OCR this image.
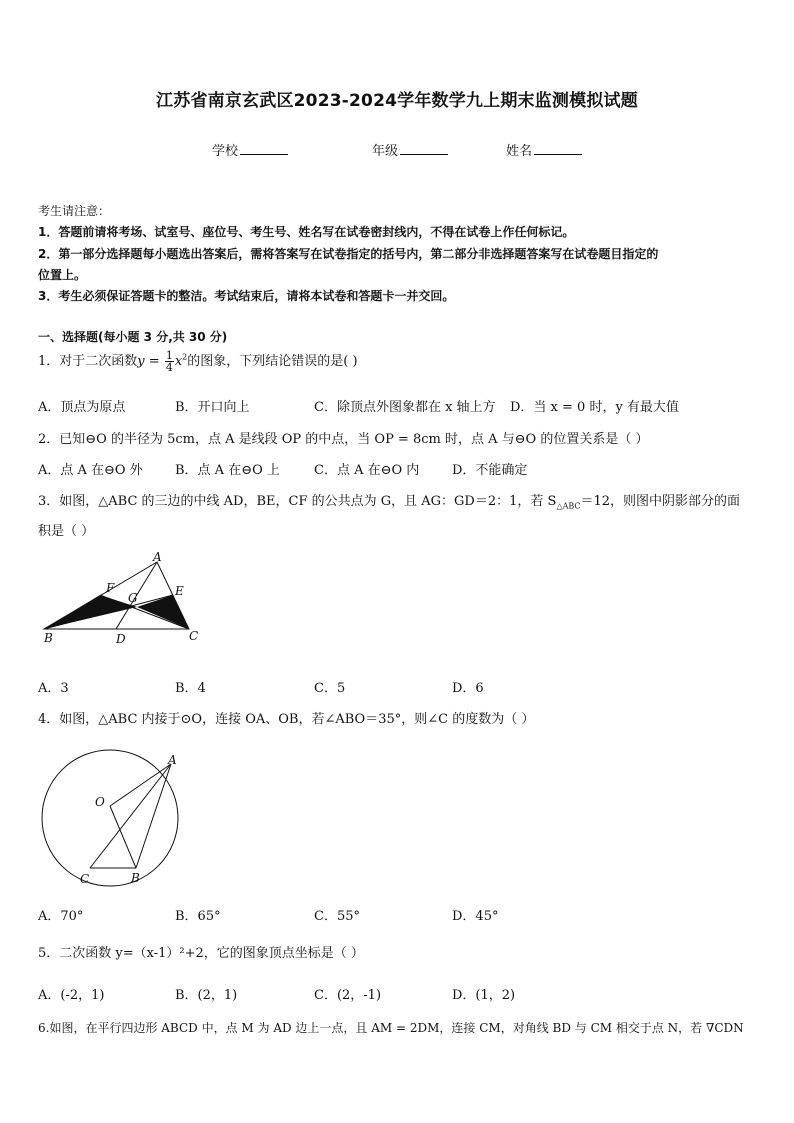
江苏省南京玄武区2023-2024学年数学九上期末监测模拟试题
学校	年级	姓名
考生请注意：
1．答题前请将考场、试室号、座位号、考生号、姓名写在试卷密封线内，不得在试卷上作任何标记。
2．第一部分选择题每小题选出答案后，需将答案写在试卷指定的括号内，第二部分非选择题答案写在试卷题目指定的
位置上。
3．考生必须保证答题卡的整洁。考试结束后，请将本试卷和答题卡一并交回。
一、选择题(每小题 3 分,共 30 分)
1．对于二次函数$y = \frac{1}{4} x^2$的图象，下列结论错误的是( )
A．顶点为原点	B．开口向上	C．除顶点外图象都在 x 轴上方 D．当 x = 0 时，y 有最大值
2．已知⊖O 的半径为 5cm，点 A 是线段 OP 的中点，当 OP = 8cm 时，点 A 与⊖O 的位置关系是（ ）
A．点 A 在⊖O 外 B．点 A 在⊖O 上	C．点 A 在⊖O 内	D．不能确定
3．如图，△ABC 的三边的中线 AD，BE，CF 的公共点为 G，且 AG：GD＝2：1，若 $S_{\triangle ABC}=12$，则图中阴影部分的面
积是（ ）
A
B	C
D
E
F
G
A．3	B．4	C．5	D．6
4．如图，△ABC 内接于⊙O，连接 OA、OB，若∠ABO＝35°，则∠C 的度数为（ ）
A
B
C
O
A．70°	B．65°	C．55°	D．45°
5．二次函数 y=（x-1）²+2，它的图象顶点坐标是（ ）
A．(-2，1)	B．(2，1)	C．(2，-1)	D．(1，2)
6.如图，在平行四边形 ABCD 中，点 M 为 AD 边上一点，且 AM = 2DM，连接 CM，对角线 BD 与 CM 相交于点 N，若 ∇CDN
